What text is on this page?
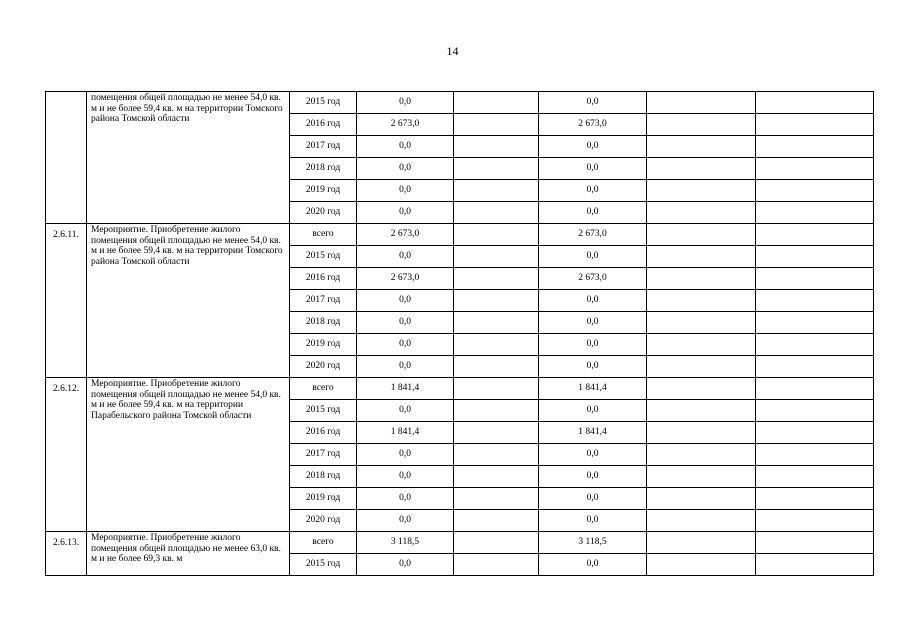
14
	помещения общей площадью не менее 54,0 кв. м и не более 59,4 кв. м на территории Томского района Томской области	2015 год	0,0		0,0		
		2016 год	2 673,0		2 673,0		
		2017 год	0,0		0,0		
		2018 год	0,0		0,0		
		2019 год	0,0		0,0		
		2020 год	0,0		0,0		
2.6.11.	Мероприятие. Приобретение жилого помещения общей площадью не менее 54,0 кв. м и не более 59,4 кв. м на территории Томского района Томской области	всего	2 673,0		2 673,0		
		2015 год	0,0		0,0		
		2016 год	2 673,0		2 673,0		
		2017 год	0,0		0,0		
		2018 год	0,0		0,0		
		2019 год	0,0		0,0		
		2020 год	0,0		0,0		
2.6.12.	Мероприятие. Приобретение жилого помещения общей площадью не менее 54,0 кв. м и не более 59,4 кв. м на территории Парабельского района Томской области	всего	1 841,4		1 841,4		
		2015 год	0,0		0,0		
		2016 год	1 841,4		1 841,4		
		2017 год	0,0		0,0		
		2018 год	0,0		0,0		
		2019 год	0,0		0,0		
		2020 год	0,0		0,0		
2.6.13.	Мероприятие. Приобретение жилого помещения общей площадью не менее 63,0 кв. м и не более 69,3 кв. м	всего	3 118,5		3 118,5		
		2015 год	0,0		0,0		
